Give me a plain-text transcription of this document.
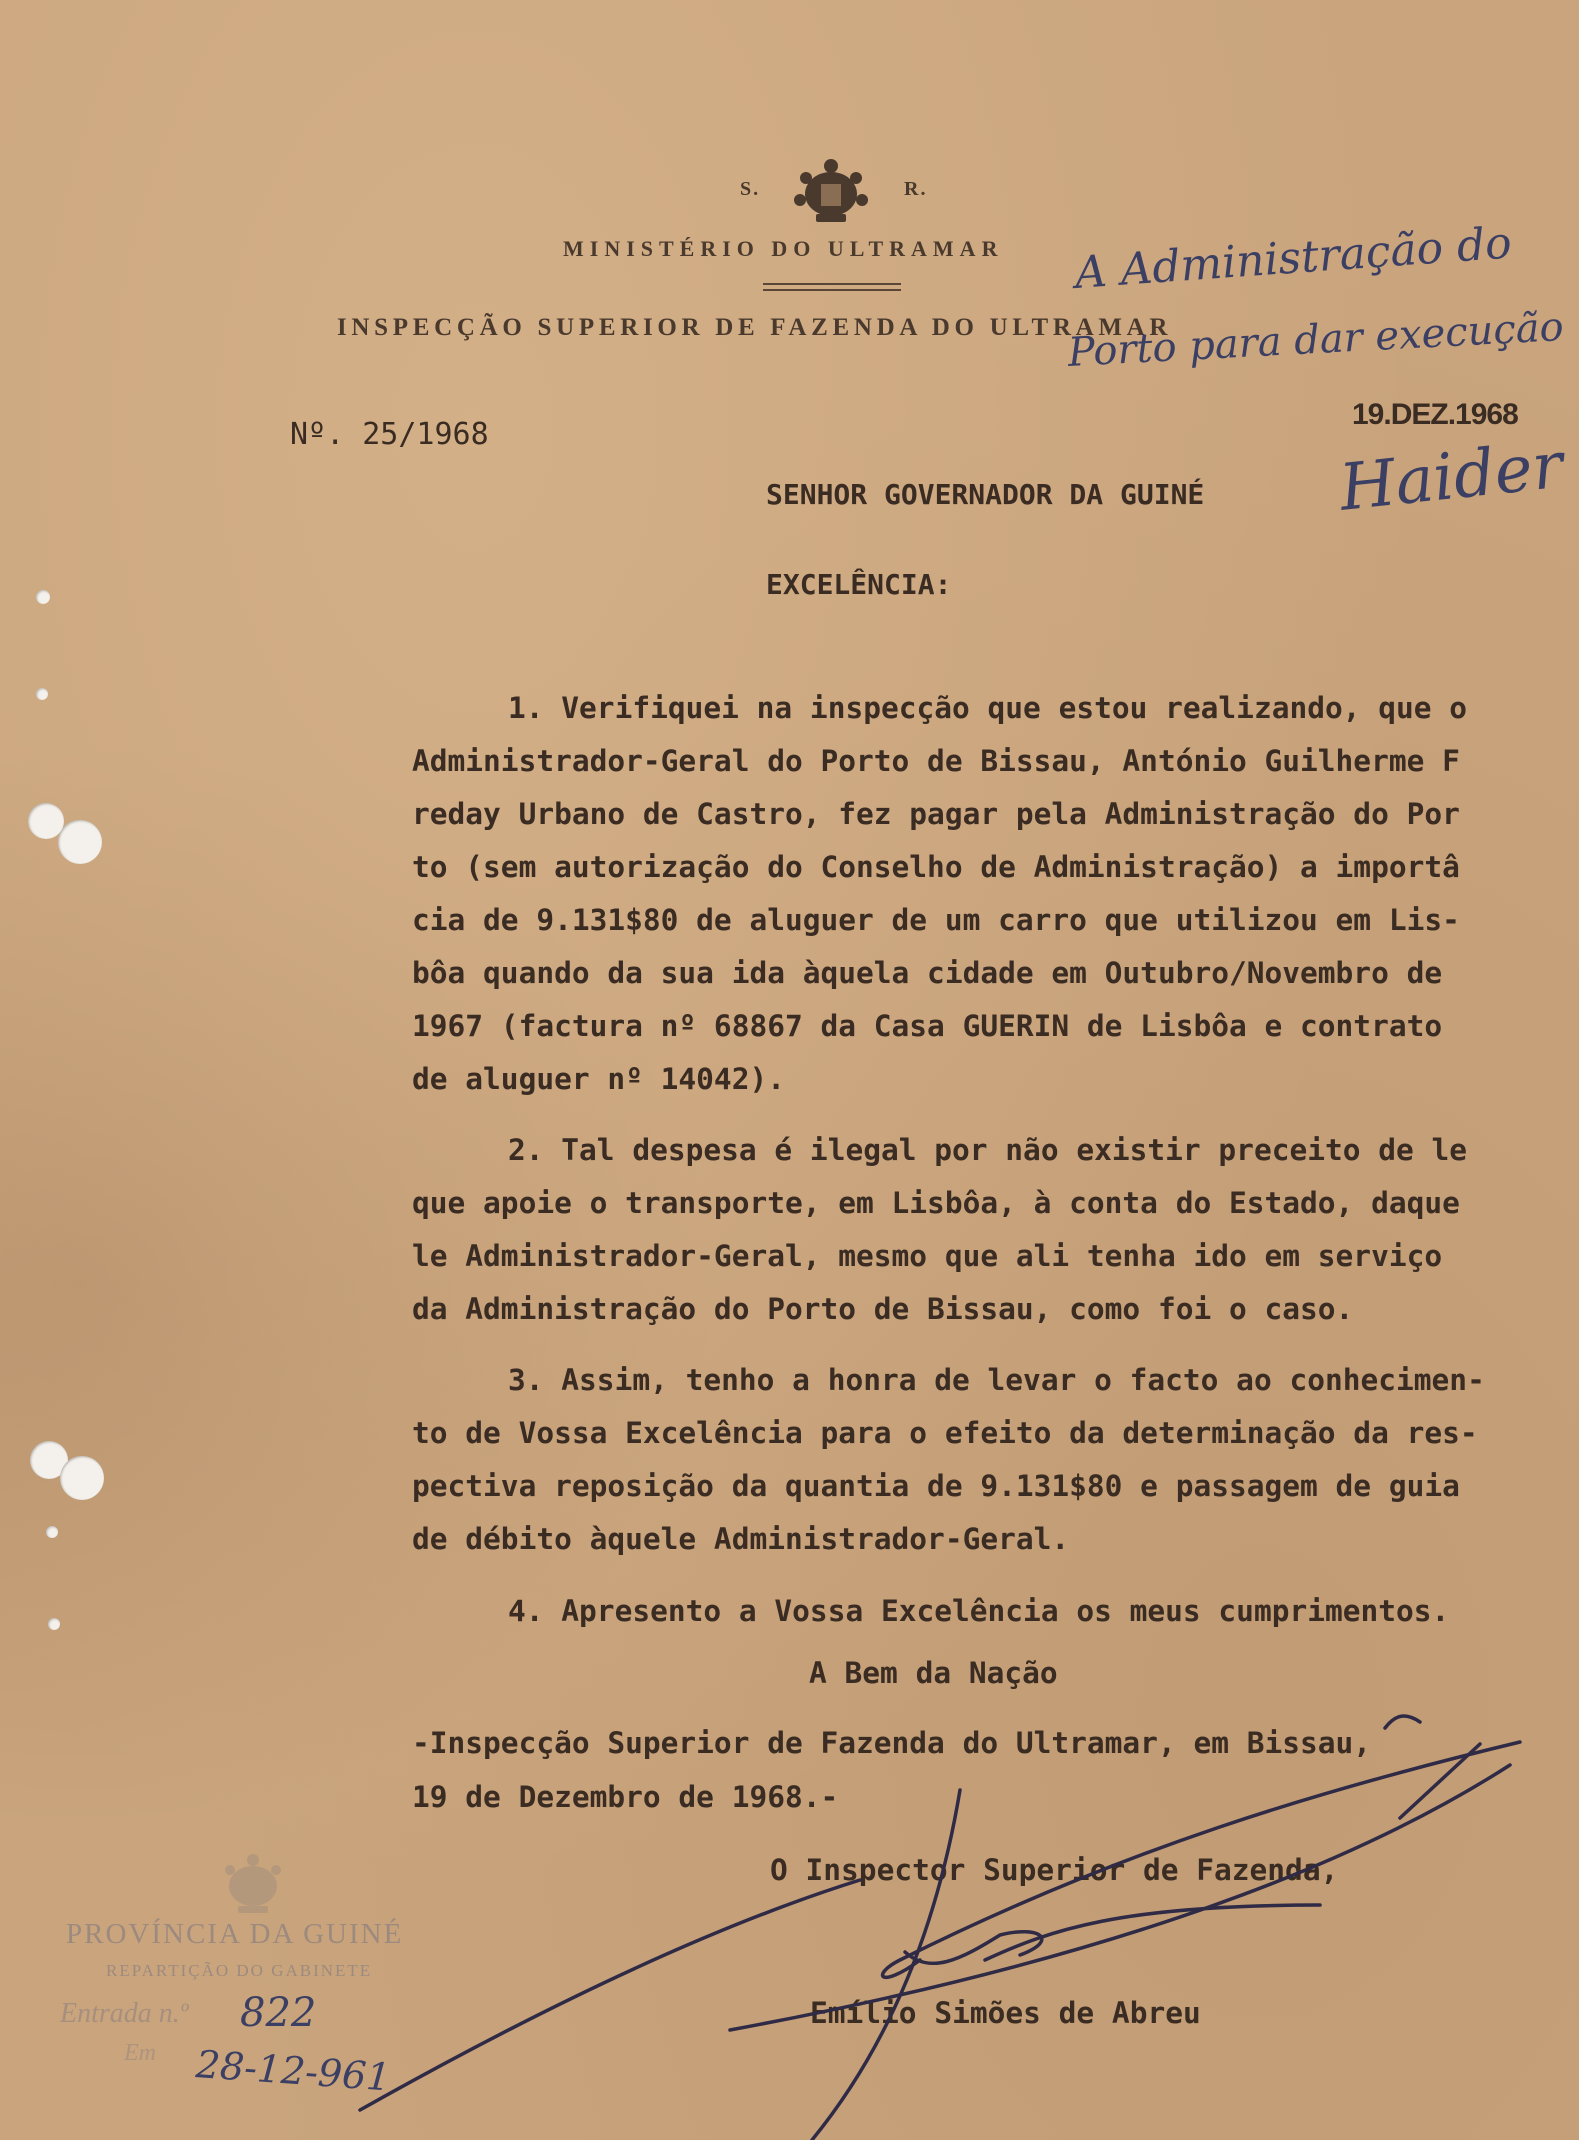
S.	R.
MINISTÉRIO DO ULTRAMAR
INSPECÇÃO SUPERIOR DE FAZENDA DO ULTRAMAR
Nº. 25/1968
SENHOR GOVERNADOR DA GUINÉ
EXCELÊNCIA:
1. Verifiquei na inspecção que estou realizando, que o
Administrador-Geral do Porto de Bissau, António Guilherme F
reday Urbano de Castro, fez pagar pela Administração do Por
to (sem autorização do Conselho de Administração) a importâ
cia de 9.131$80 de aluguer de um carro que utilizou em Lis-
bôa quando da sua ida àquela cidade em Outubro/Novembro de
1967 (factura nº 68867 da Casa GUERIN de Lisbôa e contrato
de aluguer nº 14042).
2. Tal despesa é ilegal por não existir preceito de le
que apoie o transporte, em Lisbôa, à conta do Estado, daque
le Administrador-Geral, mesmo que ali tenha ido em serviço
da Administração do Porto de Bissau, como foi o caso.
3. Assim, tenho a honra de levar o facto ao conhecimen-
to de Vossa Excelência para o efeito da determinação da res-
pectiva reposição da quantia de 9.131$80 e passagem de guia
de débito àquele Administrador-Geral.
4. Apresento a Vossa Excelência os meus cumprimentos.
A Bem da Nação
-Inspecção Superior de Fazenda do Ultramar, em Bissau,
19 de Dezembro de 1968.-
O Inspector Superior de Fazenda,
Emílio Simões de Abreu
A Administração do
Porto para dar execução
19.DEZ.1968
Haider
PROVÍNCIA DA GUINÉ
REPARTIÇÃO DO GABINETE
Entrada n.º
Em
822
28-12-961
